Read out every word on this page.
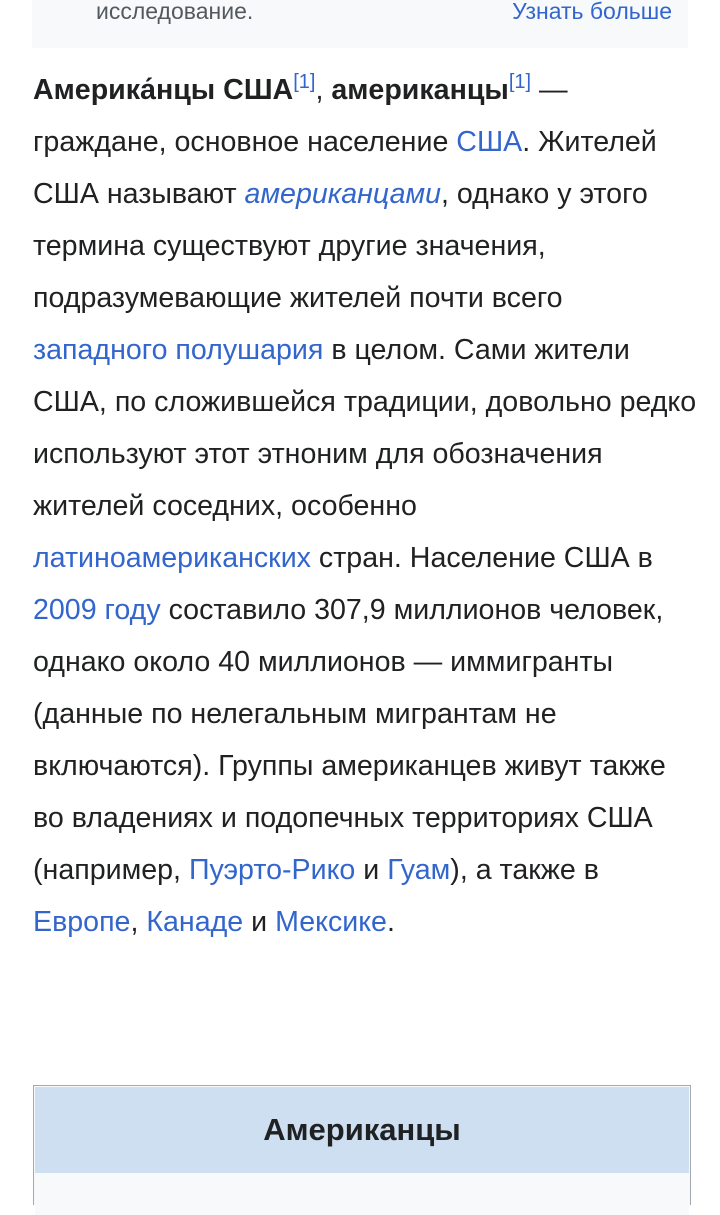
исследование.	Узнать больше

Америка́нцы США[1], американцы[1] — граждане, основное население США. Жителей США называют американцами, однако у этого термина существуют другие значения, подразумевающие жителей почти всего западного полушария в целом. Сами жители США, по сложившейся традиции, довольно редко используют этот этноним для обозначения жителей соседних, особенно латиноамериканских стран. Население США в 2009 году составило 307,9 миллионов человек, однако около 40 миллионов — иммигранты (данные по нелегальным мигрантам не включаются). Группы американцев живут также во владениях и подопечных территориях США (например, Пуэрто-Рико и Гуам), а также в Европе, Канаде и Мексике.

Американцы
